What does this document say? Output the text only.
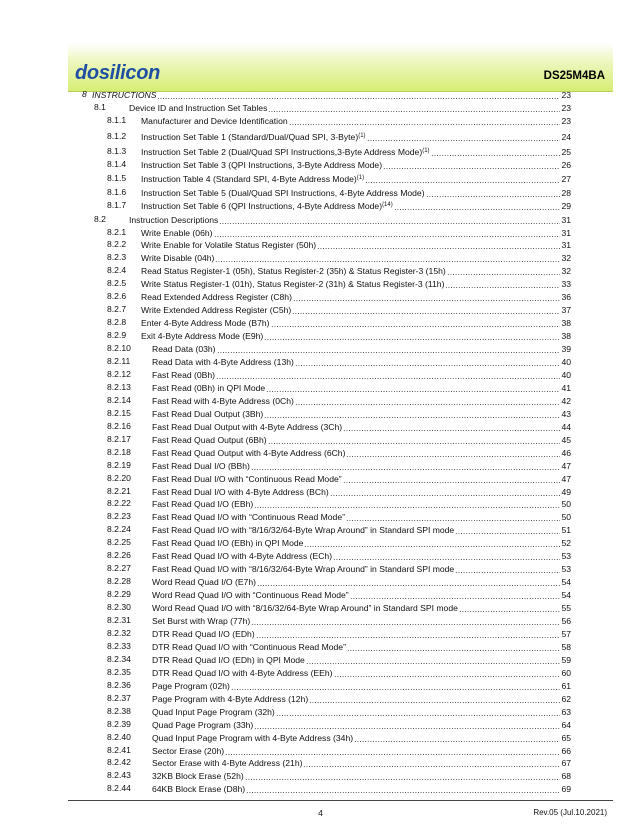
dosilicon	DS25M4BA
8 INSTRUCTIONS	23
8.1	Device ID and Instruction Set Tables	23
8.1.1 Manufacturer and Device Identification	23
8.1.2 Instruction Set Table 1 (Standard/Dual/Quad SPI, 3-Byte)$^{(1)}$	24
8.1.3 Instruction Set Table 2 (Dual/Quad SPI Instructions,3-Byte Address Mode)$^{(1)}$	25
8.1.4 Instruction Set Table 3 (QPI Instructions, 3-Byte Address Mode)	26
8.1.5 Instruction Table 4 (Standard SPI, 4-Byte Address Mode)$^{(1)}$	27
8.1.6 Instruction Set Table 5 (Dual/Quad SPI Instructions, 4-Byte Address Mode)	28
8.1.7 Instruction Set Table 6 (QPI Instructions, 4-Byte Address Mode)$^{(14)}$	29
8.2	Instruction Descriptions	31
8.2.1 Write Enable (06h)	31
8.2.2 Write Enable for Volatile Status Register (50h)	31
8.2.3 Write Disable (04h)	32
8.2.4 Read Status Register-1 (05h), Status Register-2 (35h) & Status Register-3 (15h)	32
8.2.5 Write Status Register-1 (01h), Status Register-2 (31h) & Status Register-3 (11h)	33
8.2.6 Read Extended Address Register (C8h)	36
8.2.7 Write Extended Address Register (C5h)	37
8.2.8 Enter 4-Byte Address Mode (B7h)	38
8.2.9 Exit 4-Byte Address Mode (E9h)	38
8.2.10 Read Data (03h)	39
8.2.11	Read Data with 4-Byte Address (13h)	40
8.2.12 Fast Read (0Bh)	40
8.2.13 Fast Read (0Bh) in QPI Mode	41
8.2.14 Fast Read with 4-Byte Address (0Ch)	42
8.2.15 Fast Read Dual Output (3Bh)	43
8.2.16 Fast Read Dual Output with 4-Byte Address (3Ch)	44
8.2.17 Fast Read Quad Output (6Bh)	45
8.2.18 Fast Read Quad Output with 4-Byte Address (6Ch)	46
8.2.19 Fast Read Dual I/O (BBh)	47
8.2.20 Fast Read Dual I/O with “Continuous Read Mode”	47
8.2.21 Fast Read Dual I/O with 4-Byte Address (BCh)	49
8.2.22 Fast Read Quad I/O (EBh)	50
8.2.23 Fast Read Quad I/O with “Continuous Read Mode”	50
8.2.24 Fast Read Quad I/O with “8/16/32/64-Byte Wrap Around” in Standard SPI mode	51
8.2.25 Fast Read Quad I/O (EBh) in QPI Mode	52
8.2.26 Fast Read Quad I/O with 4-Byte Address (ECh)	53
8.2.27 Fast Read Quad I/O with “8/16/32/64-Byte Wrap Around” in Standard SPI mode	53
8.2.28 Word Read Quad I/O (E7h)	54
8.2.29 Word Read Quad I/O with “Continuous Read Mode”	54
8.2.30 Word Read Quad I/O with “8/16/32/64-Byte Wrap Around” in Standard SPI mode	55
8.2.31 Set Burst with Wrap (77h)	56
8.2.32 DTR Read Quad I/O (EDh)	57
8.2.33 DTR Read Quad I/O with “Continuous Read Mode”	58
8.2.34 DTR Read Quad I/O (EDh) in QPI Mode	59
8.2.35 DTR Read Quad I/O with 4-Byte Address (EEh)	60
8.2.36 Page Program (02h)	61
8.2.37 Page Program with 4-Byte Address (12h)	62
8.2.38 Quad Input Page Program (32h)	63
8.2.39 Quad Page Program (33h)	64
8.2.40 Quad Input Page Program with 4-Byte Address (34h)	65
8.2.41 Sector Erase (20h)	66
8.2.42 Sector Erase with 4-Byte Address (21h)	67
8.2.43 32KB Block Erase (52h)	68
8.2.44 64KB Block Erase (D8h)	69
4	Rev.05 (Jul.10.2021)
